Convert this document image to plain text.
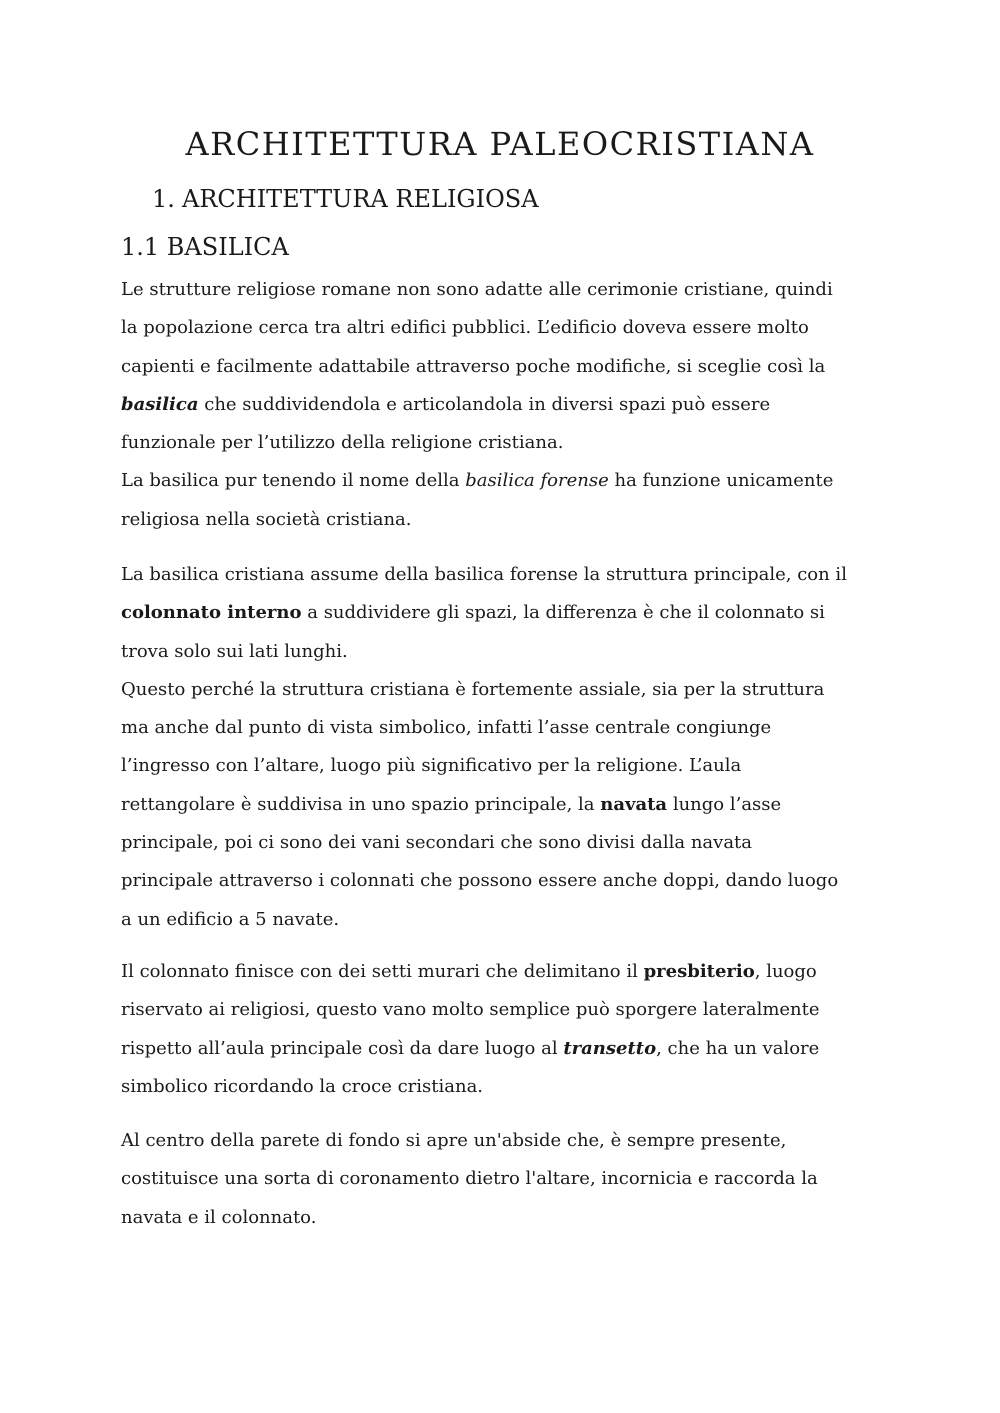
ARCHITETTURA PALEOCRISTIANA
1. ARCHITETTURA RELIGIOSA
1.1 BASILICA
Le strutture religiose romane non sono adatte alle cerimonie cristiane, quindi
la popolazione cerca tra altri edifici pubblici. L’edificio doveva essere molto
capienti e facilmente adattabile attraverso poche modifiche, si sceglie così la
basilica che suddividendola e articolandola in diversi spazi può essere
funzionale per l’utilizzo della religione cristiana.
La basilica pur tenendo il nome della basilica forense ha funzione unicamente
religiosa nella società cristiana.
La basilica cristiana assume della basilica forense la struttura principale, con il
colonnato interno a suddividere gli spazi, la differenza è che il colonnato si
trova solo sui lati lunghi.
Questo perché la struttura cristiana è fortemente assiale, sia per la struttura
ma anche dal punto di vista simbolico, infatti l’asse centrale congiunge
l’ingresso con l’altare, luogo più significativo per la religione. L’aula
rettangolare è suddivisa in uno spazio principale, la navata lungo l’asse
principale, poi ci sono dei vani secondari che sono divisi dalla navata
principale attraverso i colonnati che possono essere anche doppi, dando luogo
a un edificio a 5 navate.
Il colonnato finisce con dei setti murari che delimitano il presbiterio, luogo
riservato ai religiosi, questo vano molto semplice può sporgere lateralmente
rispetto all’aula principale così da dare luogo al transetto, che ha un valore
simbolico ricordando la croce cristiana.
Al centro della parete di fondo si apre un'abside che, è sempre presente,
costituisce una sorta di coronamento dietro l'altare, incornicia e raccorda la
navata e il colonnato.
